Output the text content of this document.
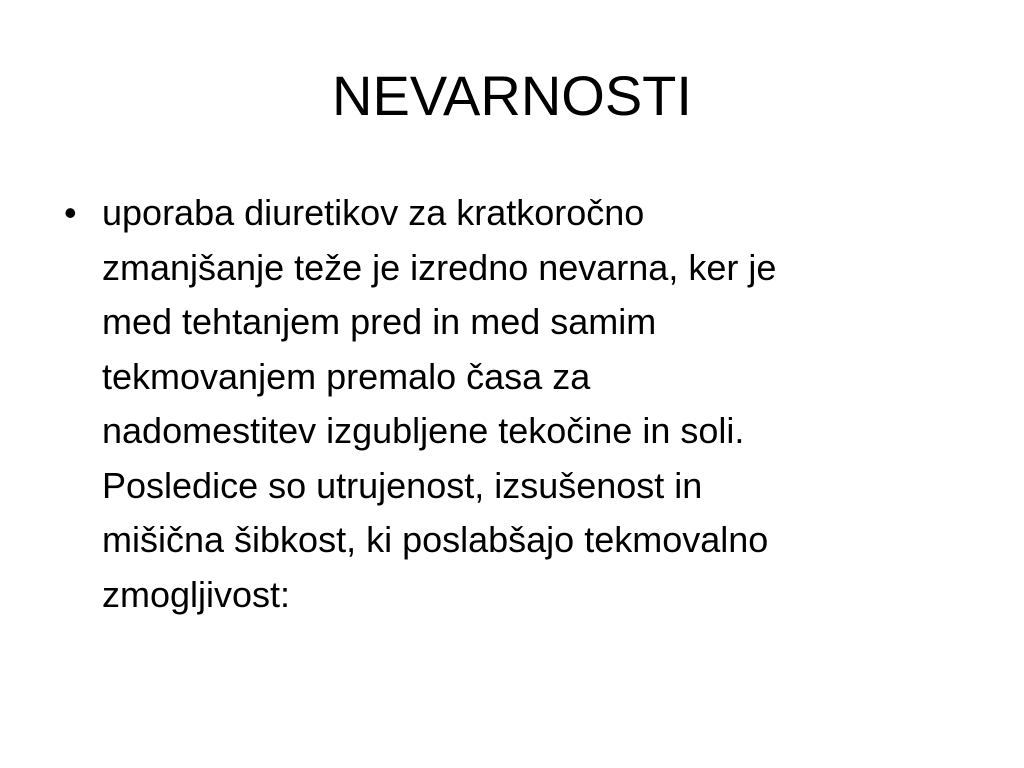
NEVARNOSTI
• uporaba diuretikov za kratkoročno
zmanjšanje teže je izredno nevarna, ker je
med tehtanjem pred in med samim
tekmovanjem premalo časa za
nadomestitev izgubljene tekočine in soli.
Posledice so utrujenost, izsušenost in
mišična šibkost, ki poslabšajo tekmovalno
zmogljivost:
